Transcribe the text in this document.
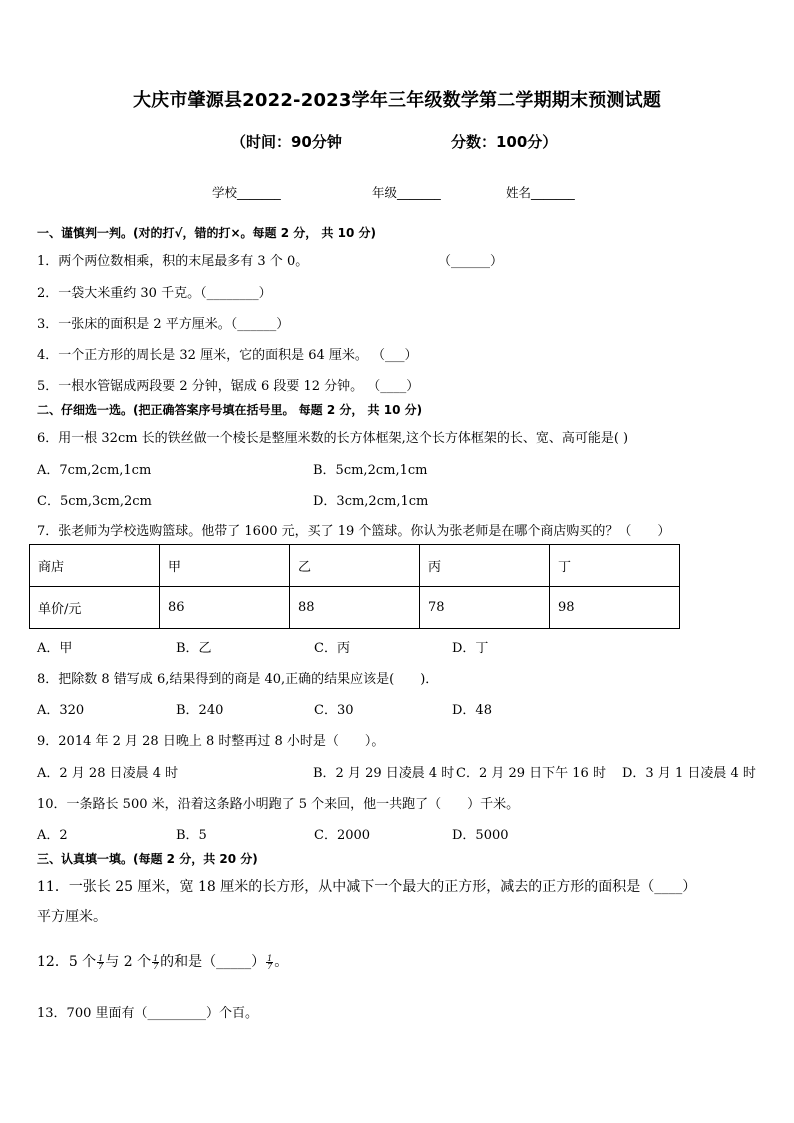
大庆市肇源县2022-2023学年三年级数学第二学期期末预测试题
（时间：90分钟	分数：100分）
学校_______	年级_______	姓名_______
一、谨慎判一判。(对的打√，错的打×。每题 2 分， 共 10 分)
1．两个两位数相乘，积的末尾最多有 3 个 0。	（______）
2．一袋大米重约 30 千克。（________）
3．一张床的面积是 2 平方厘米。（______）
4．一个正方形的周长是 32 厘米，它的面积是 64 厘米。 （___）
5．一根水管锯成两段要 2 分钟，锯成 6 段要 12 分钟。 （____）
二、仔细选一选。(把正确答案序号填在括号里。 每题 2 分， 共 10 分)
6．用一根 32cm 长的铁丝做一个棱长是整厘米数的长方体框架,这个长方体框架的长、宽、高可能是( )
A．7cm,2cm,1cm	B．5cm,2cm,1cm
C．5cm,3cm,2cm	D．3cm,2cm,1cm
7．张老师为学校选购篮球。他带了 1600 元，买了 19 个篮球。你认为张老师是在哪个商店购买的？（　　）
商店	甲	乙	丙	丁
单价/元	86	88	78	98
A．甲	B．乙	C．丙	D．丁
8．把除数 8 错写成 6,结果得到的商是 40,正确的结果应该是(　　)．
A．320	B．240	C．30	D．48
9．2014 年 2 月 28 日晚上 8 时整再过 8 小时是（　　）。
A．2 月 28 日凌晨 4 时	B．2 月 29 日凌晨 4 时 C．2 月 29 日下午 16 时 D．3 月 1 日凌晨 4 时
10．一条路长 500 米，沿着这条路小明跑了 5 个来回，他一共跑了（　　）千米。
A．2	B．5	C．2000	D．5000
三、认真填一填。(每题 2 分，共 20 分)
11．一张长 25 厘米，宽 18 厘米的长方形，从中减下一个最大的正方形，减去的正方形的面积是（____）
平方厘米。
12．5 个 $\frac{1}{7}$ 与 2 个 $\frac{1}{7}$ 的和是（_____） $\frac{1}{7}$ 。
13．700 里面有（_________）个百。
